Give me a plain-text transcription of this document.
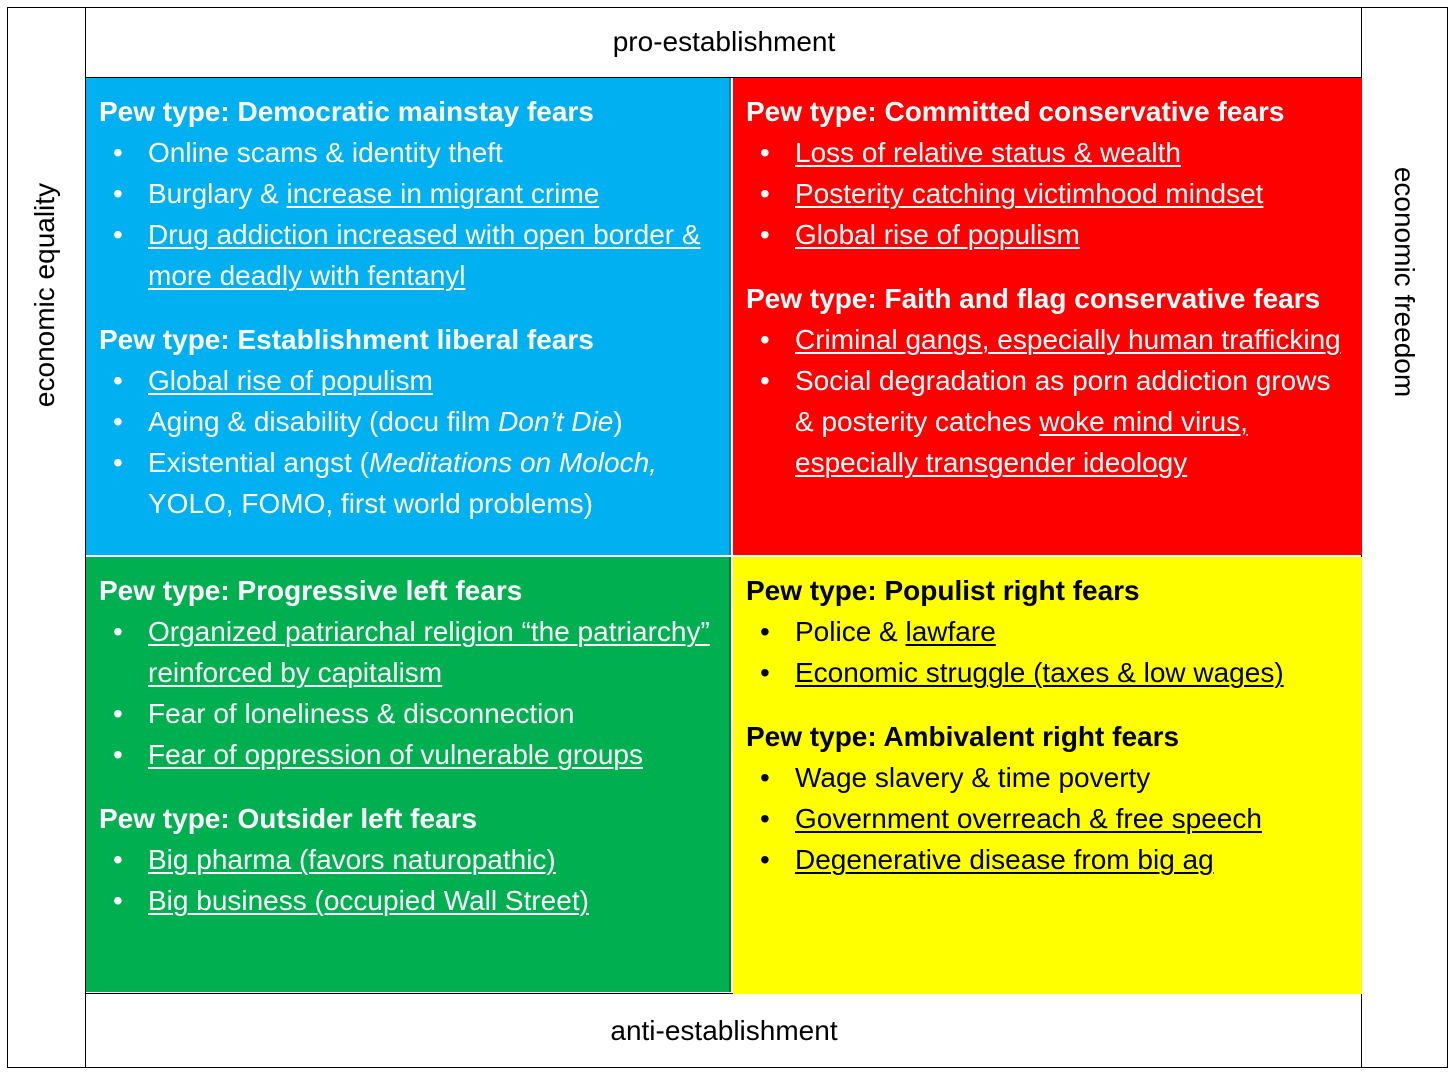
pro-establishment
anti-establishment
economic equality	economic freedom

Pew type: Democratic mainstay fears

• Online scams & identity theft
• Burglary & increase in migrant crime
• Drug addiction increased with open border & more deadly with fentanyl

Pew type: Establishment liberal fears

• Global rise of populism
• Aging & disability (docu film Don’t Die)
• Existential angst (Meditations on Moloch, YOLO, FOMO, first world problems)

Pew type: Committed conservative fears

• Loss of relative status & wealth
• Posterity catching victimhood mindset
• Global rise of populism

Pew type: Faith and flag conservative fears

• Criminal gangs, especially human trafficking
• Social degradation as porn addiction grows & posterity catches woke mind virus, especially transgender ideology

Pew type: Progressive left fears

• Organized patriarchal religion “the patriarchy” reinforced by capitalism
• Fear of loneliness & disconnection
• Fear of oppression of vulnerable groups

Pew type: Outsider left fears

• Big pharma (favors naturopathic)
• Big business (occupied Wall Street)

Pew type: Populist right fears

• Police & lawfare
• Economic struggle (taxes & low wages)

Pew type: Ambivalent right fears

• Wage slavery & time poverty
• Government overreach & free speech
• Degenerative disease from big ag
